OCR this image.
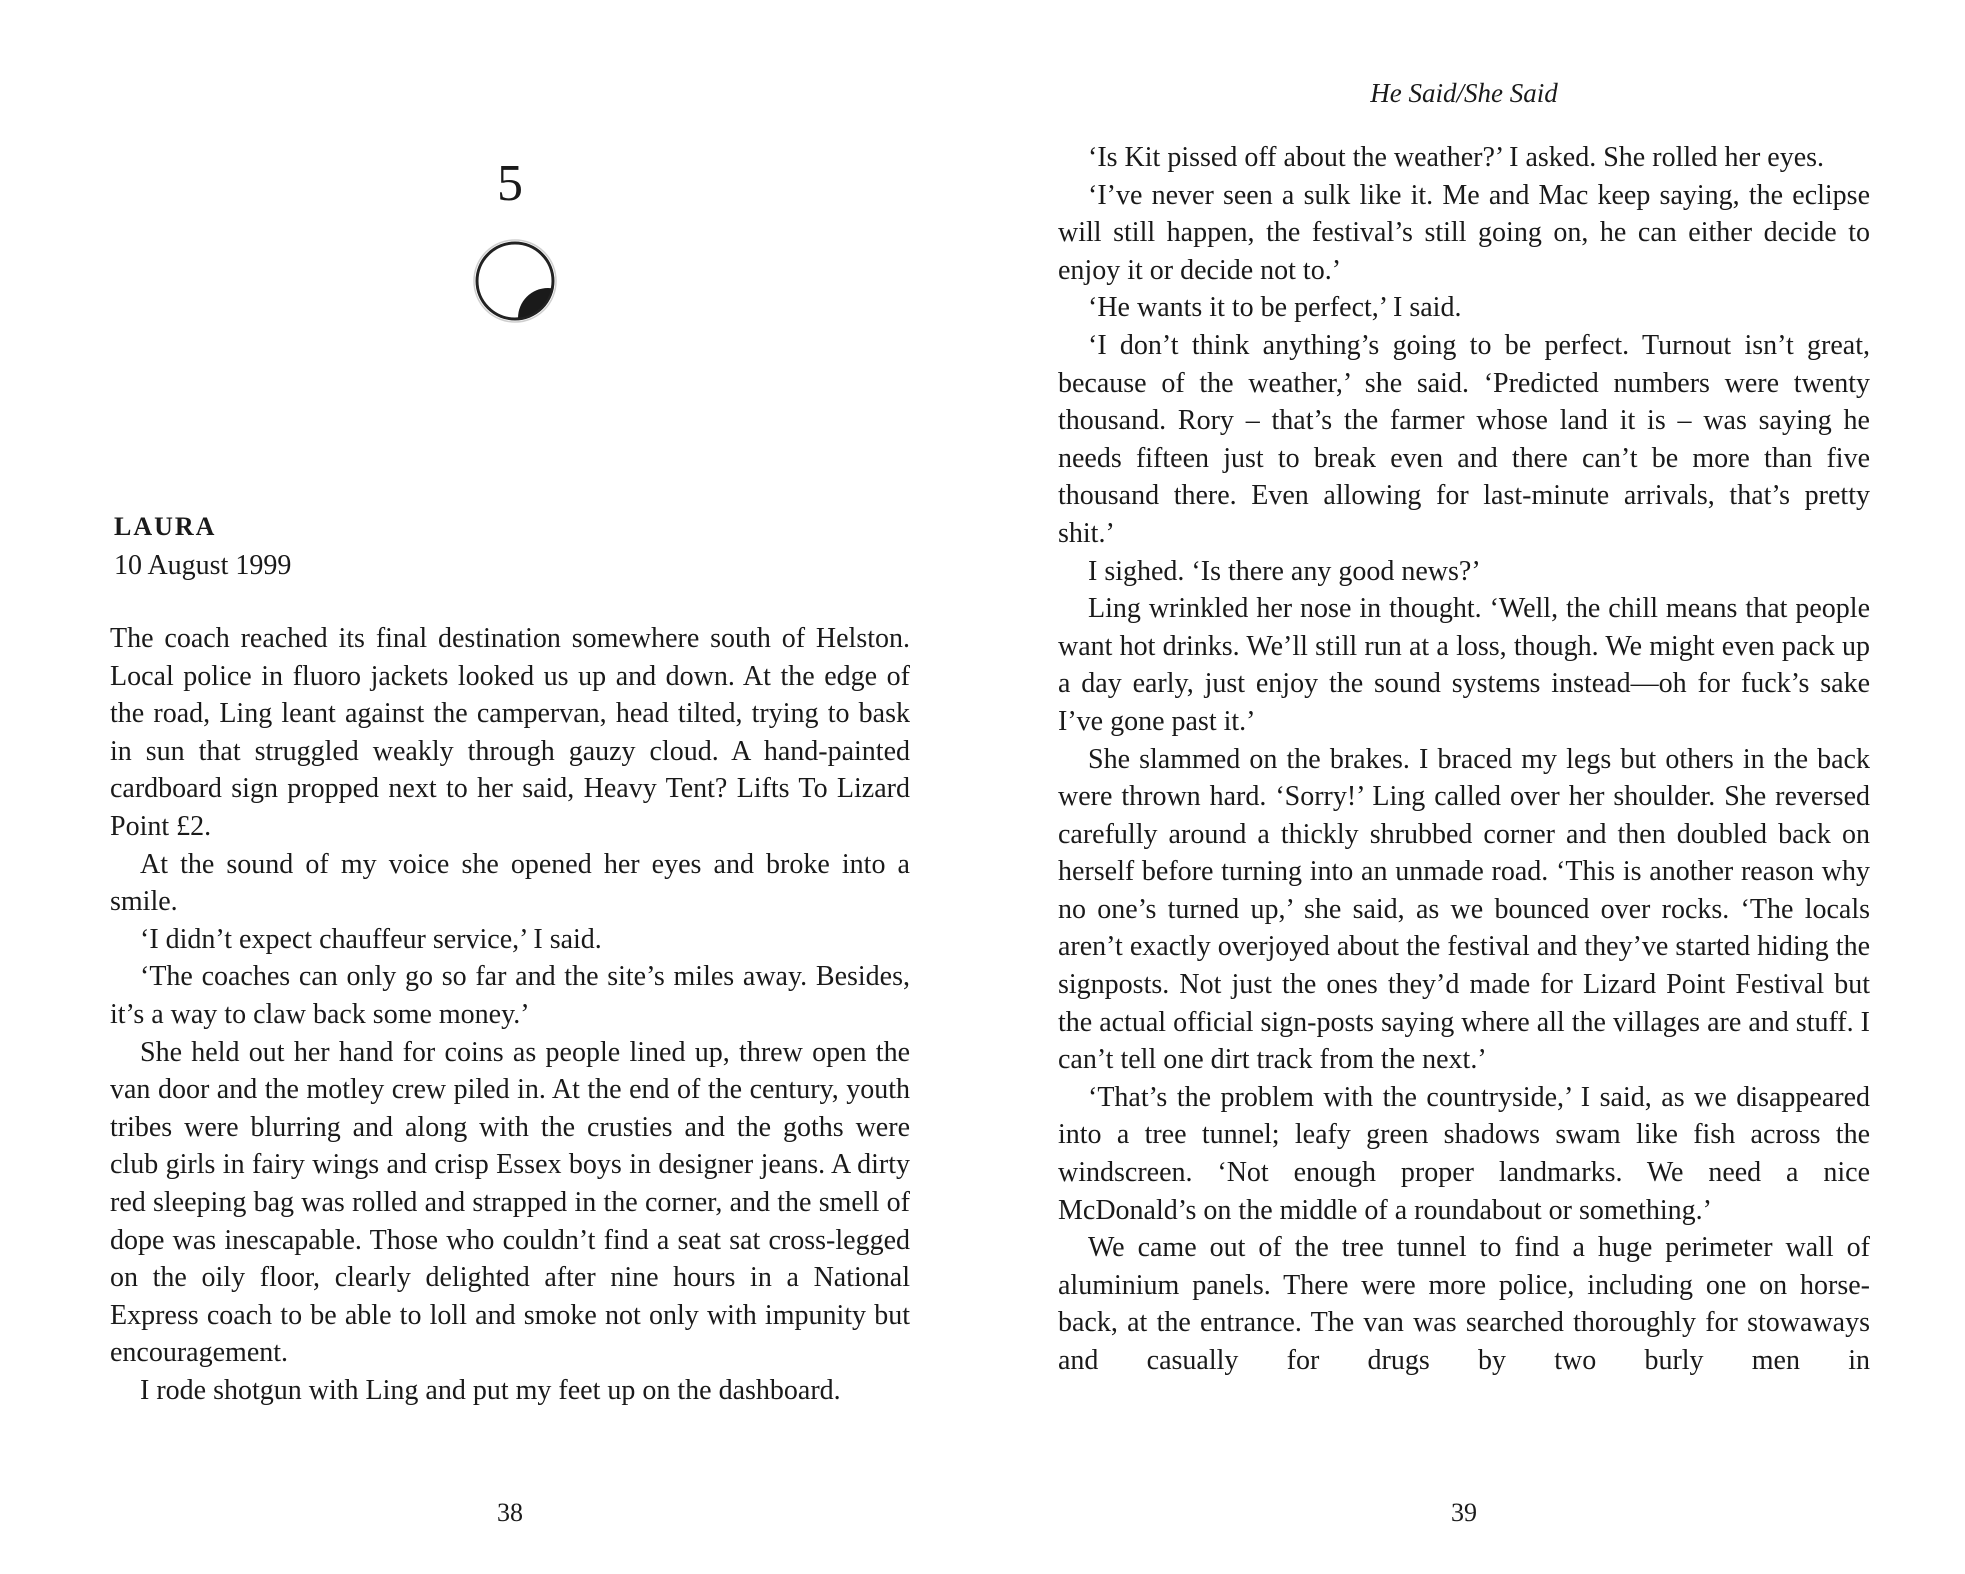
5
LAURA
10 August 1999

The coach reached its final destination somewhere south of Helston. Local police in fluoro jackets looked us up and down. At the edge of the road, Ling leant against the campervan, head tilted, trying to bask in sun that struggled weakly through gauzy cloud. A hand-painted cardboard sign propped next to her said, Heavy Tent? Lifts To Lizard Point £2.

At the sound of my voice she opened her eyes and broke into a smile.

‘I didn’t expect chauffeur service,’ I said.

‘The coaches can only go so far and the site’s miles away. Besides, it’s a way to claw back some money.’

She held out her hand for coins as people lined up, threw open the van door and the motley crew piled in. At the end of the century, youth tribes were blurring and along with the crusties and the goths were club girls in fairy wings and crisp Essex boys in designer jeans. A dirty red sleeping bag was rolled and strapped in the corner, and the smell of dope was inescapable. Those who couldn’t find a seat sat cross-legged on the oily floor, clearly delighted after nine hours in a National Express coach to be able to loll and smoke not only with impunity but encouragement.

I rode shotgun with Ling and put my feet up on the dashboard.

38
He Said/She Said

‘Is Kit pissed off about the weather?’ I asked. She rolled her eyes.

‘I’ve never seen a sulk like it. Me and Mac keep saying, the eclipse will still happen, the festival’s still going on, he can either decide to enjoy it or decide not to.’

‘He wants it to be perfect,’ I said.

‘I don’t think anything’s going to be perfect. Turnout isn’t great, because of the weather,’ she said. ‘Predicted numbers were twenty thousand. Rory – that’s the farmer whose land it is – was saying he needs fifteen just to break even and there can’t be more than five thousand there. Even allowing for last-minute arrivals, that’s pretty shit.’

I sighed. ‘Is there any good news?’

Ling wrinkled her nose in thought. ‘Well, the chill means that people want hot drinks. We’ll still run at a loss, though. We might even pack up a day early, just enjoy the sound systems instead—oh for fuck’s sake I’ve gone past it.’

She slammed on the brakes. I braced my legs but others in the back were thrown hard. ‘Sorry!’ Ling called over her shoulder. She reversed carefully around a thickly shrubbed corner and then doubled back on herself before turning into an unmade road. ‘This is another reason why no one’s turned up,’ she said, as we bounced over rocks. ‘The locals aren’t exactly overjoyed about the festival and they’ve started hiding the signposts. Not just the ones they’d made for Lizard Point Festival but the actual official sign-posts saying where all the villages are and stuff. I can’t tell one dirt track from the next.’

‘That’s the problem with the countryside,’ I said, as we disappeared into a tree tunnel; leafy green shadows swam like fish across the windscreen. ‘Not enough proper landmarks. We need a nice McDonald’s on the middle of a roundabout or something.’

We came out of the tree tunnel to find a huge perimeter wall of aluminium panels. There were more police, including one on horse-back, at the entrance. The van was searched thoroughly for stowaways and casually for drugs by two burly men in

39
